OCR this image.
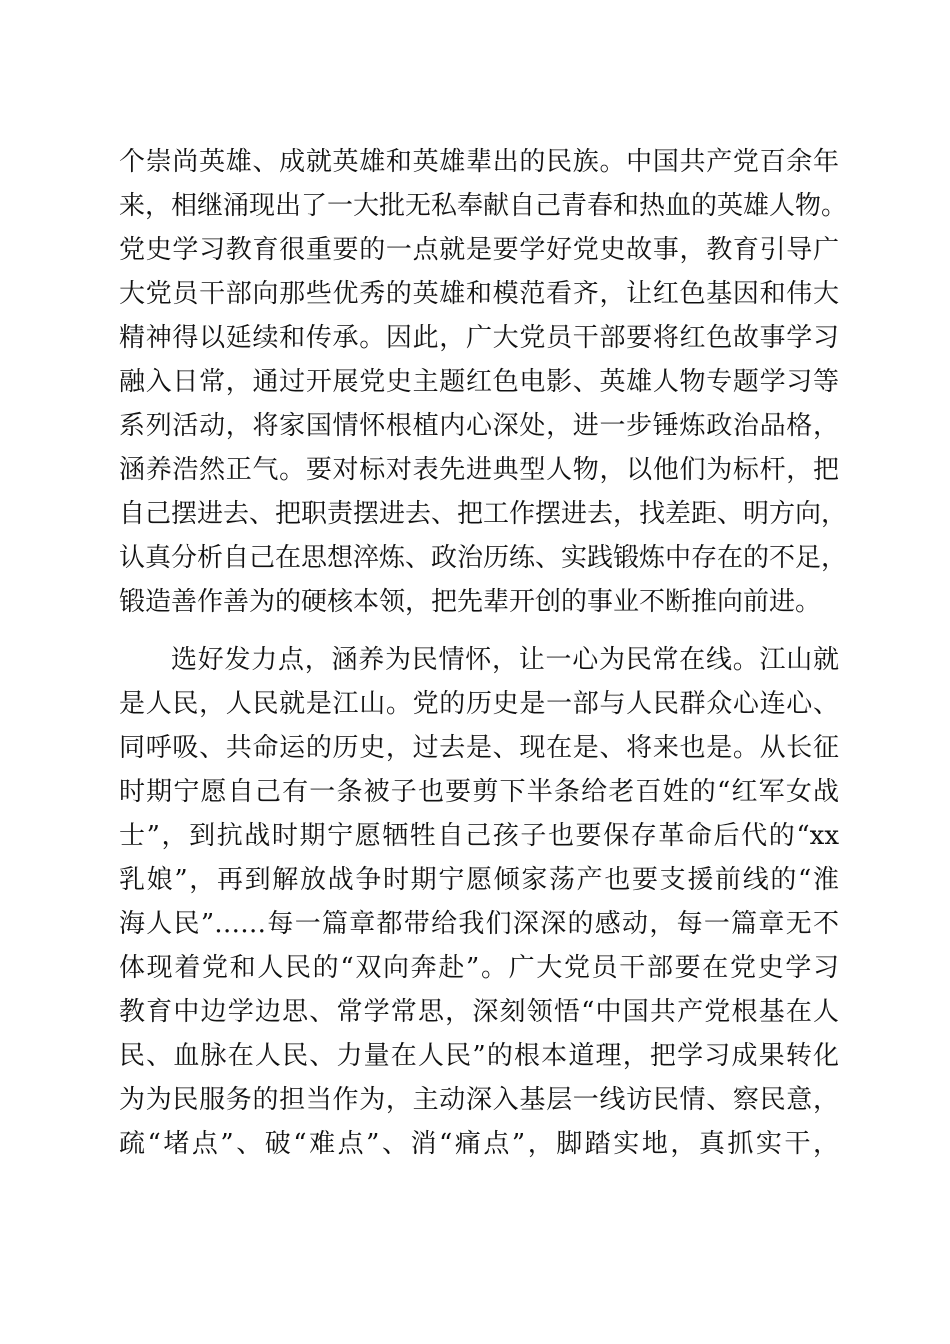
个崇尚英雄、成就英雄和英雄辈出的民族。中国共产党百余年
来，相继涌现出了一大批无私奉献自己青春和热血的英雄人物。
党史学习教育很重要的一点就是要学好党史故事，教育引导广
大党员干部向那些优秀的英雄和模范看齐，让红色基因和伟大
精神得以延续和传承。因此，广大党员干部要将红色故事学习
融入日常，通过开展党史主题红色电影、英雄人物专题学习等
系列活动，将家国情怀根植内心深处，进一步锤炼政治品格，
涵养浩然正气。要对标对表先进典型人物，以他们为标杆，把
自己摆进去、把职责摆进去、把工作摆进去，找差距、明方向，
认真分析自己在思想淬炼、政治历练、实践锻炼中存在的不足，
锻造善作善为的硬核本领，把先辈开创的事业不断推向前进。
选好发力点，涵养为民情怀，让一心为民常在线。江山就
是人民，人民就是江山。党的历史是一部与人民群众心连心、
同呼吸、共命运的历史，过去是、现在是、将来也是。从长征
时期宁愿自己有一条被子也要剪下半条给老百姓的“红军女战
士”，到抗战时期宁愿牺牲自己孩子也要保存革命后代的“xx
乳娘”，再到解放战争时期宁愿倾家荡产也要支援前线的“淮
海人民”……每一篇章都带给我们深深的感动，每一篇章无不
体现着党和人民的“双向奔赴”。广大党员干部要在党史学习
教育中边学边思、常学常思，深刻领悟“中国共产党根基在人
民、血脉在人民、力量在人民”的根本道理，把学习成果转化
为为民服务的担当作为，主动深入基层一线访民情、察民意，
疏“堵点”、破“难点”、消“痛点”，脚踏实地，真抓实干，
